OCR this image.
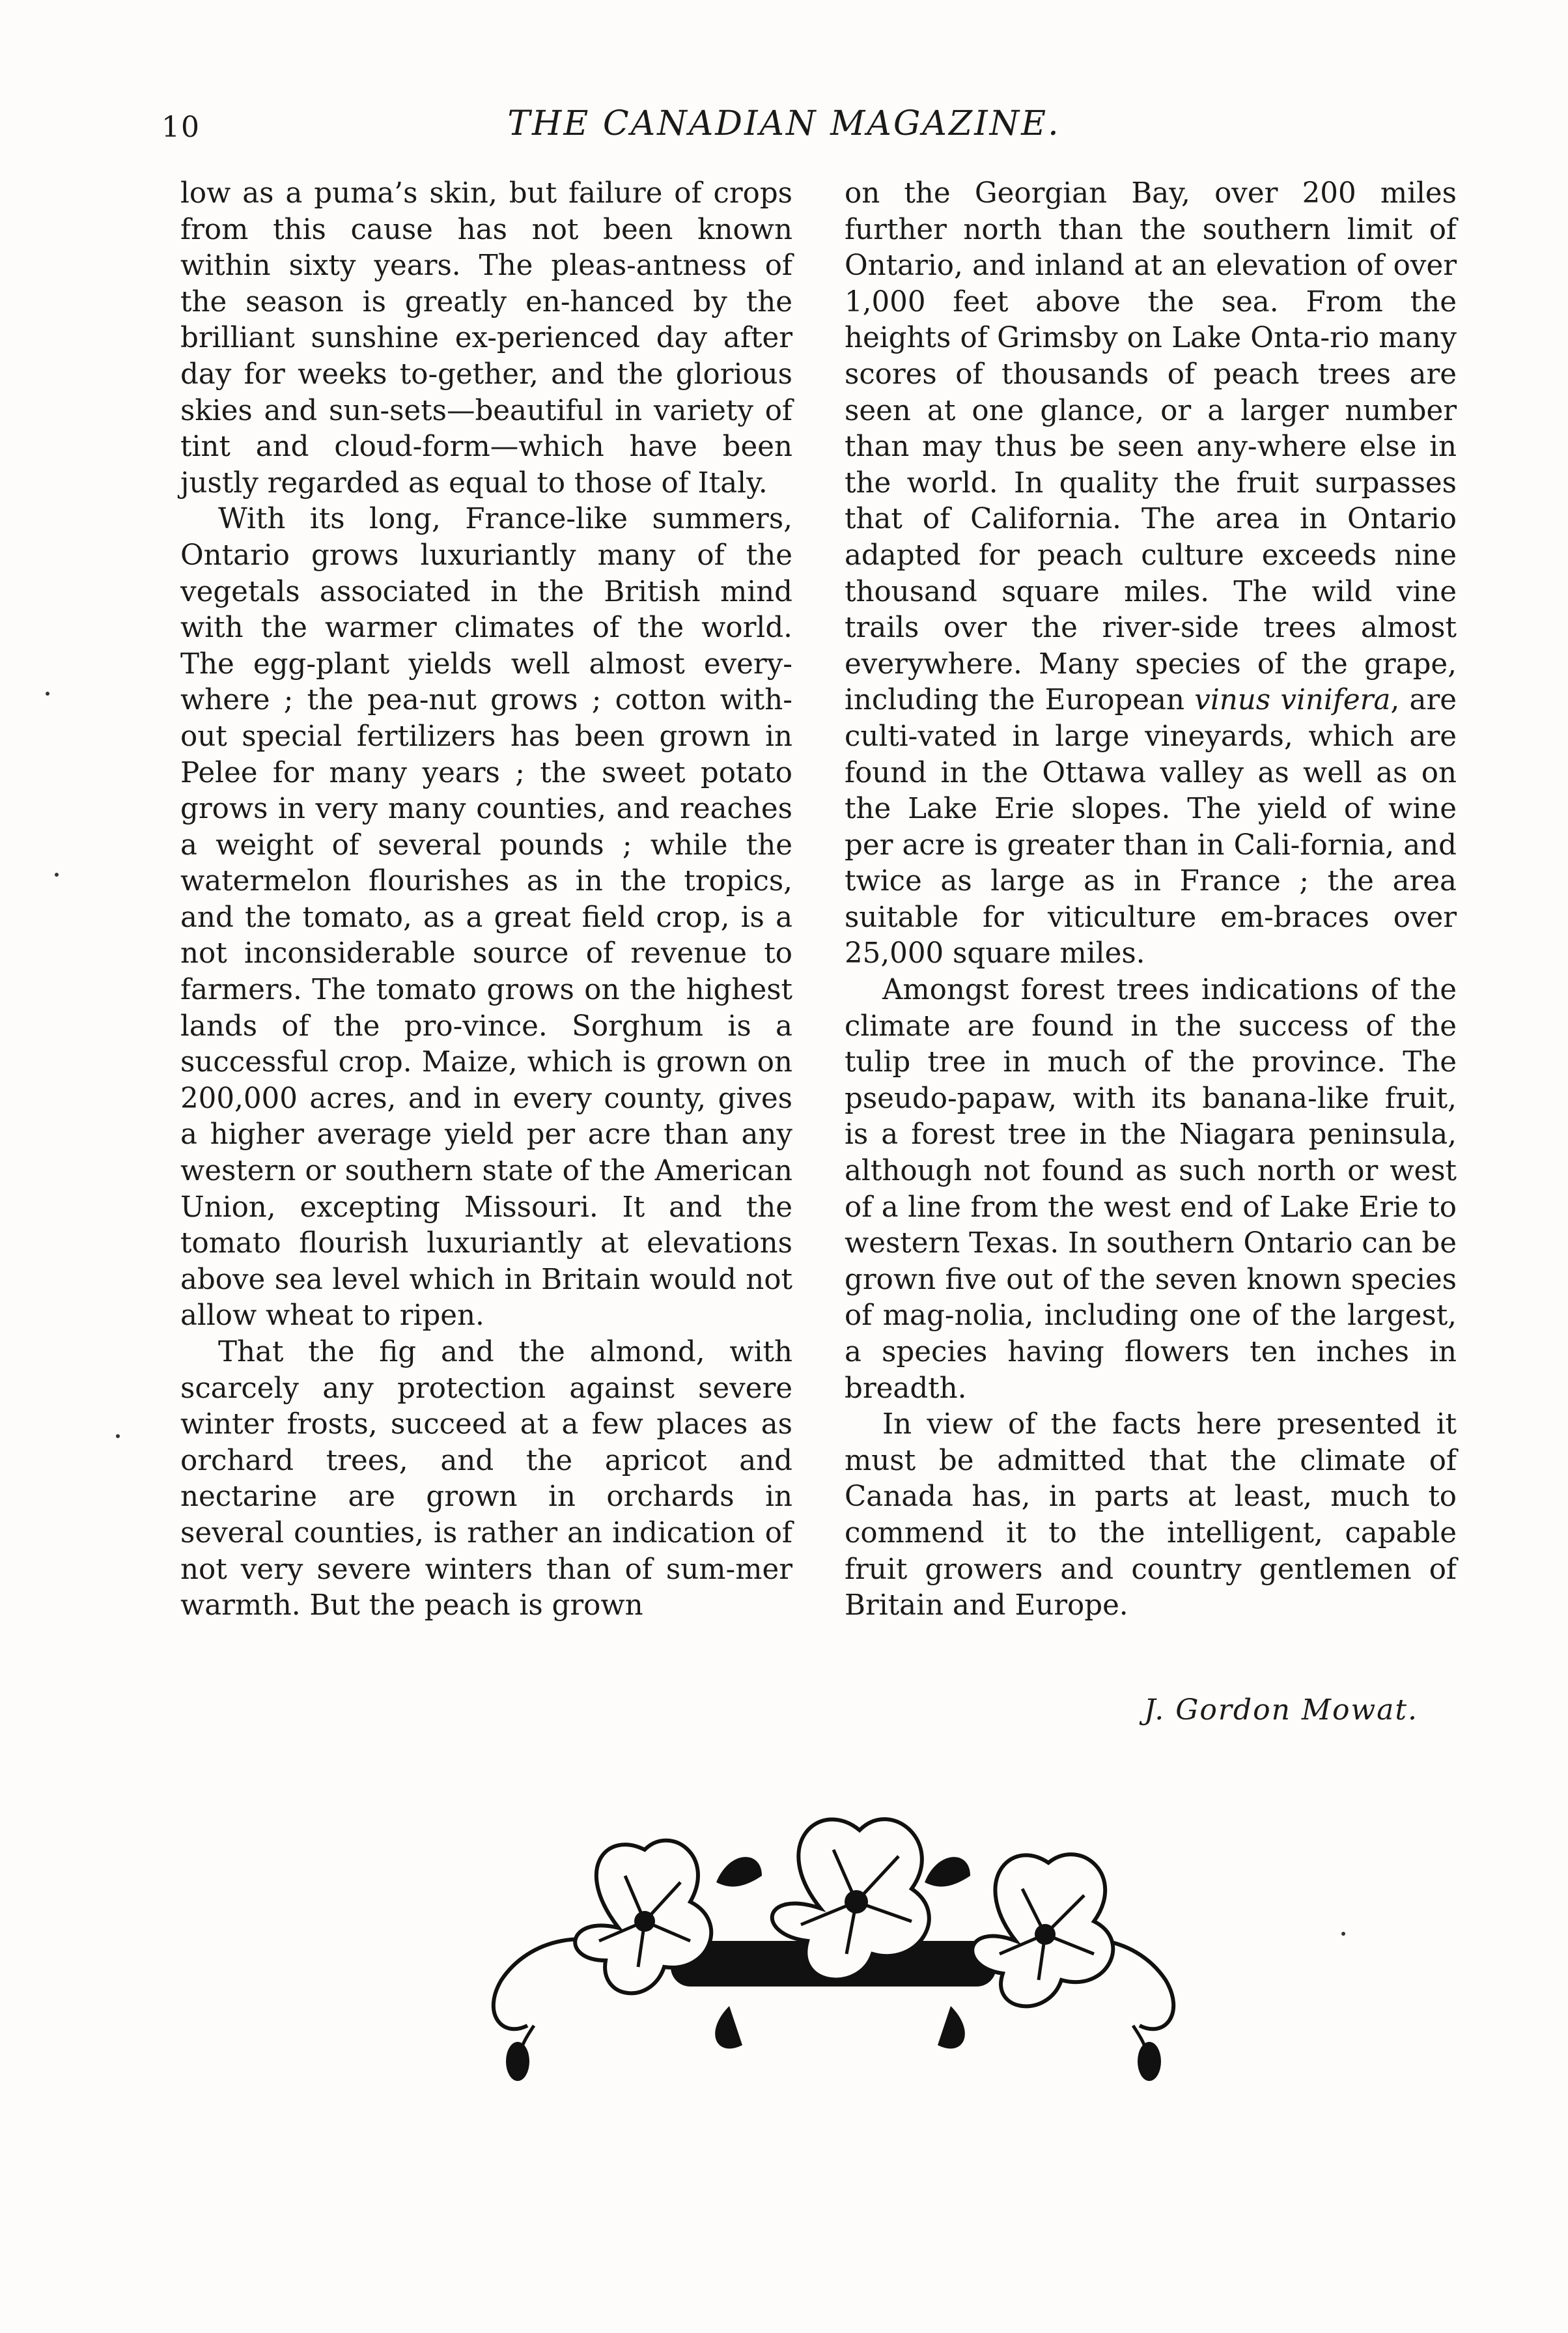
10	THE CANADIAN MAGAZINE.

low as a puma’s skin, but failure of crops from this cause has not been known within sixty years. The pleas-antness of the season is greatly en-hanced by the brilliant sunshine ex-perienced day after day for weeks to-gether, and the glorious skies and sun-sets—beautiful in variety of tint and cloud-form—which have been justly regarded as equal to those of Italy.

With its long, France-like summers, Ontario grows luxuriantly many of the vegetals associated in the British mind with the warmer climates of the world. The egg-plant yields well almost every-where ; the pea-nut grows ; cotton with-out special fertilizers has been grown in Pelee for many years ; the sweet potato grows in very many counties, and reaches a weight of several pounds ; while the watermelon flourishes as in the tropics, and the tomato, as a great field crop, is a not inconsiderable source of revenue to farmers. The tomato grows on the highest lands of the pro-vince. Sorghum is a successful crop. Maize, which is grown on 200,000 acres, and in every county, gives a higher average yield per acre than any western or southern state of the American Union, excepting Missouri. It and the tomato flourish luxuriantly at elevations above sea level which in Britain would not allow wheat to ripen.

That the fig and the almond, with scarcely any protection against severe winter frosts, succeed at a few places as orchard trees, and the apricot and nectarine are grown in orchards in several counties, is rather an indication of not very severe winters than of sum-mer warmth. But the peach is grown

on the Georgian Bay, over 200 miles further north than the southern limit of Ontario, and inland at an elevation of over 1,000 feet above the sea. From the heights of Grimsby on Lake Onta-rio many scores of thousands of peach trees are seen at one glance, or a larger number than may thus be seen any-where else in the world. In quality the fruit surpasses that of California. The area in Ontario adapted for peach culture exceeds nine thousand square miles. The wild vine trails over the river-side trees almost everywhere. Many species of the grape, including the European vinus vinifera, are culti-vated in large vineyards, which are found in the Ottawa valley as well as on the Lake Erie slopes. The yield of wine per acre is greater than in Cali-fornia, and twice as large as in France ; the area suitable for viticulture em-braces over 25,000 square miles.

Amongst forest trees indications of the climate are found in the success of the tulip tree in much of the province. The pseudo-papaw, with its banana-like fruit, is a forest tree in the Niagara peninsula, although not found as such north or west of a line from the west end of Lake Erie to western Texas. In southern Ontario can be grown five out of the seven known species of mag-nolia, including one of the largest, a species having flowers ten inches in breadth.

In view of the facts here presented it must be admitted that the climate of Canada has, in parts at least, much to commend it to the intelligent, capable fruit growers and country gentlemen of Britain and Europe.

J. Gordon Mowat.
